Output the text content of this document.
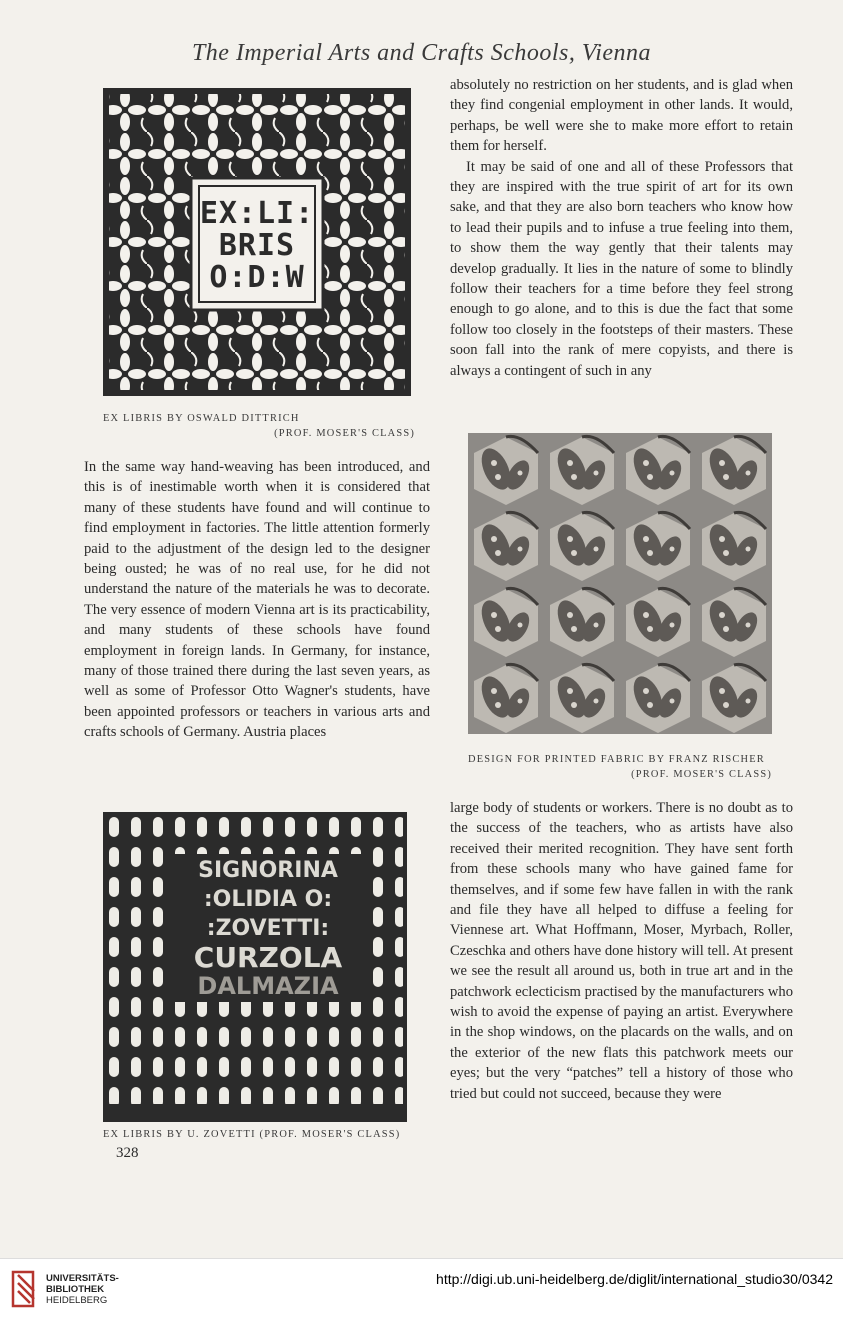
The Imperial Arts and Crafts Schools, Vienna
EX:LI:
BRIS
O:D:W
EX LIBRIS BY OSWALD DITTRICH
(PROF. MOSER'S CLASS)

In the same way hand-weaving has been introduced, and this is of inestimable worth when it is considered that many of these students have found and will continue to find employment in factories. The little attention formerly paid to the adjustment of the design led to the designer being ousted; he was of no real use, for he did not understand the nature of the materials he was to decorate. The very essence of modern Vienna art is its practicability, and many students of these schools have found employment in foreign lands. In Germany, for instance, many of those trained there during the last seven years, as well as some of Professor Otto Wagner's students, have been appointed professors or teachers in various arts and crafts schools of Germany. Austria places

absolutely no restriction on her students, and is glad when they find congenial employment in other lands. It would, perhaps, be well were she to make more effort to retain them for herself.

It may be said of one and all of these Professors that they are inspired with the true spirit of art for its own sake, and that they are also born teachers who know how to lead their pupils and to infuse a true feeling into them, to show them the way gently that their talents may develop gradually. It lies in the nature of some to blindly follow their teachers for a time before they feel strong enough to go alone, and to this is due the fact that some follow too closely in the footsteps of their masters. These soon fall into the rank of mere copyists, and there is always a contingent of such in any

DESIGN FOR PRINTED FABRIC BY FRANZ RISCHER
(PROF. MOSER'S CLASS)

large body of students or workers. There is no doubt as to the success of the teachers, who as artists have also received their merited recognition. They have sent forth from these schools many who have gained fame for themselves, and if some few have fallen in with the rank and file they have all helped to diffuse a feeling for Viennese art. What Hoffmann, Moser, Myrbach, Roller, Czeschka and others have done history will tell. At present we see the result all around us, both in true art and in the patchwork eclecticism practised by the manufacturers who wish to avoid the expense of paying an artist. Everywhere in the shop windows, on the placards on the walls, and on the exterior of the new flats this patchwork meets our eyes; but the very “patches” tell a history of those who tried but could not succeed, because they were

SIGNORINA
:OLIDIA O:
:ZOVETTI:
CURZOLA
DALMAZIA
EX LIBRIS BY U. ZOVETTI (PROF. MOSER'S CLASS)
328
UNIVERSITÄTS-
BIBLIOTHEK
HEIDELBERG
http://digi.ub.uni-heidelberg.de/diglit/international_studio30/0342
